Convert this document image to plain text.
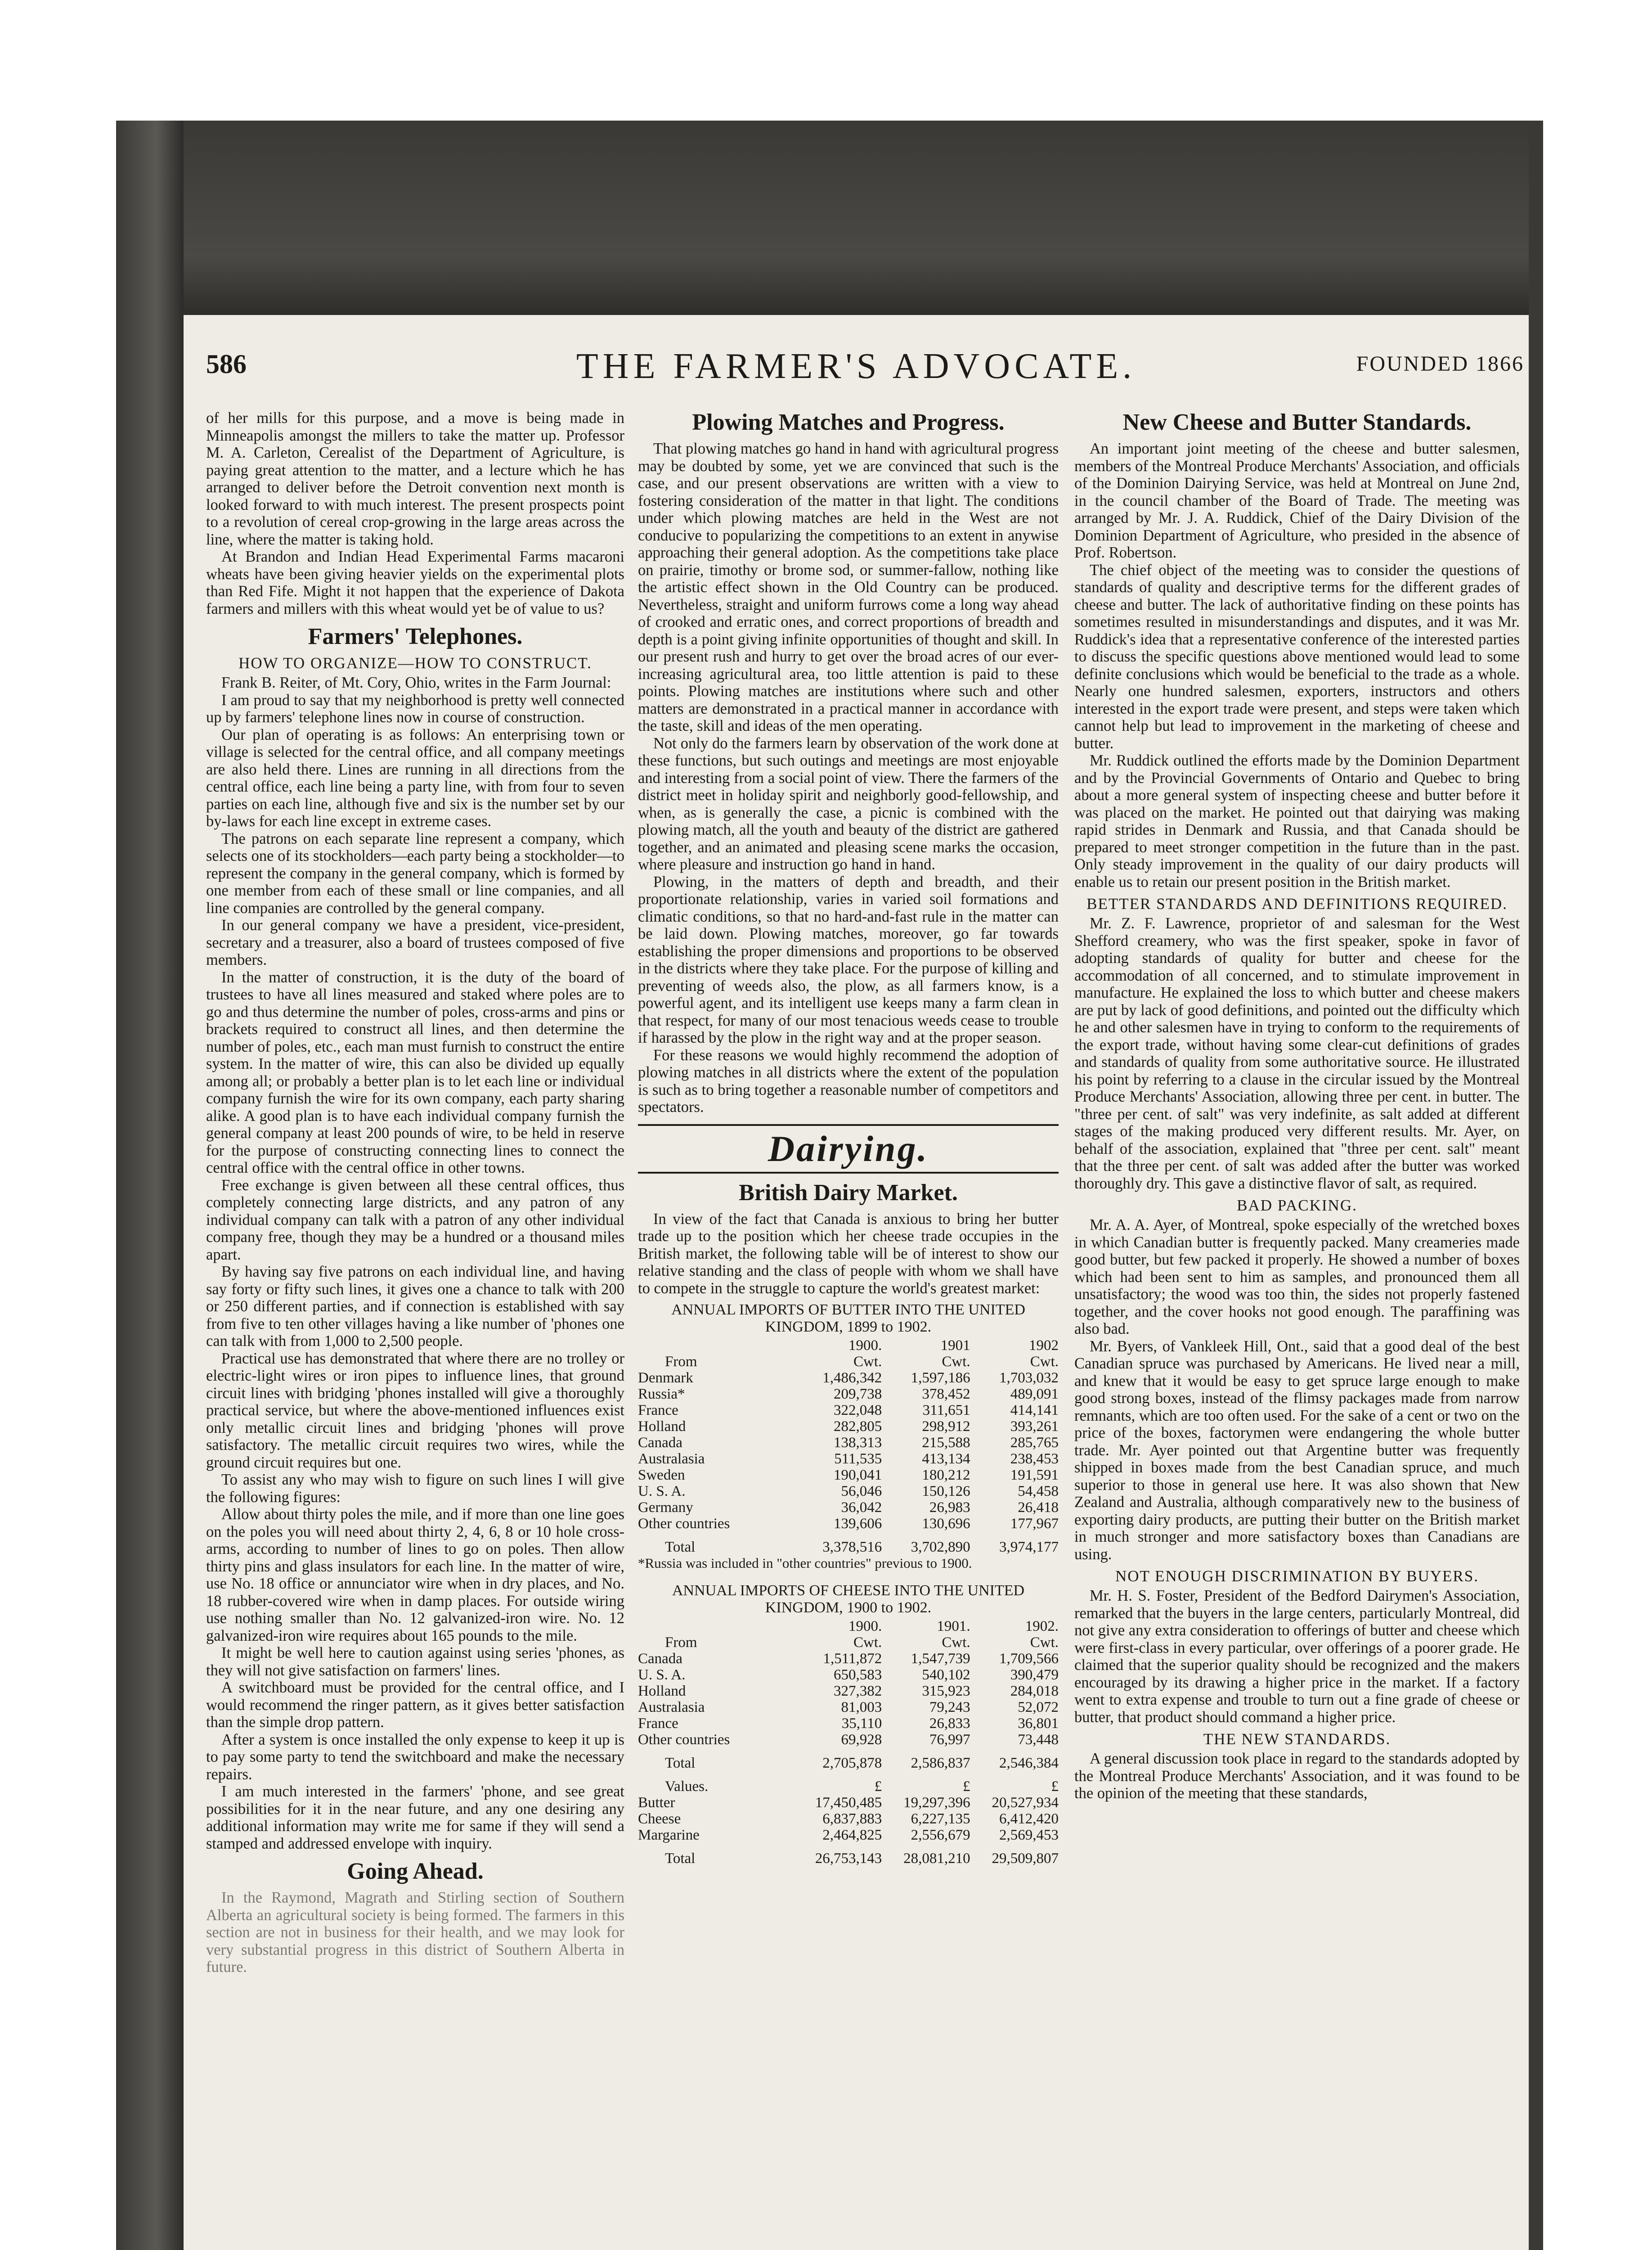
586	THE FARMER'S ADVOCATE.	FOUNDED 1866

of her mills for this purpose, and a move is being made in Minneapolis amongst the millers to take the matter up. Professor M. A. Carleton, Cerealist of the Department of Agriculture, is paying great attention to the matter, and a lecture which he has arranged to deliver before the Detroit convention next month is looked forward to with much interest. The present prospects point to a revolution of cereal crop-growing in the large areas across the line, where the matter is taking hold.

At Brandon and Indian Head Experimental Farms macaroni wheats have been giving heavier yields on the experimental plots than Red Fife. Might it not happen that the experience of Dakota farmers and millers with this wheat would yet be of value to us?

Farmers' Telephones.
HOW TO ORGANIZE—HOW TO CONSTRUCT.

Frank B. Reiter, of Mt. Cory, Ohio, writes in the Farm Journal:

I am proud to say that my neighborhood is pretty well connected up by farmers' telephone lines now in course of construction.

Our plan of operating is as follows: An enterprising town or village is selected for the central office, and all company meetings are also held there. Lines are running in all directions from the central office, each line being a party line, with from four to seven parties on each line, although five and six is the number set by our by-laws for each line except in extreme cases.

The patrons on each separate line represent a company, which selects one of its stockholders—each party being a stockholder—to represent the company in the general company, which is formed by one member from each of these small or line companies, and all line companies are controlled by the general company.

In our general company we have a president, vice-president, secretary and a treasurer, also a board of trustees composed of five members.

In the matter of construction, it is the duty of the board of trustees to have all lines measured and staked where poles are to go and thus determine the number of poles, cross-arms and pins or brackets required to construct all lines, and then determine the number of poles, etc., each man must furnish to construct the entire system. In the matter of wire, this can also be divided up equally among all; or probably a better plan is to let each line or individual company furnish the wire for its own company, each party sharing alike. A good plan is to have each individual company furnish the general company at least 200 pounds of wire, to be held in reserve for the purpose of constructing connecting lines to connect the central office with the central office in other towns.

Free exchange is given between all these central offices, thus completely connecting large districts, and any patron of any individual company can talk with a patron of any other individual company free, though they may be a hundred or a thousand miles apart.

By having say five patrons on each individual line, and having say forty or fifty such lines, it gives one a chance to talk with 200 or 250 different parties, and if connection is established with say from five to ten other villages having a like number of 'phones one can talk with from 1,000 to 2,500 people.

Practical use has demonstrated that where there are no trolley or electric-light wires or iron pipes to influence lines, that ground circuit lines with bridging 'phones installed will give a thoroughly practical service, but where the above-mentioned influences exist only metallic circuit lines and bridging 'phones will prove satisfactory. The metallic circuit requires two wires, while the ground circuit requires but one.

To assist any who may wish to figure on such lines I will give the following figures:

Allow about thirty poles the mile, and if more than one line goes on the poles you will need about thirty 2, 4, 6, 8 or 10 hole cross-arms, according to number of lines to go on poles. Then allow thirty pins and glass insulators for each line. In the matter of wire, use No. 18 office or annunciator wire when in dry places, and No. 18 rubber-covered wire when in damp places. For outside wiring use nothing smaller than No. 12 galvanized-iron wire. No. 12 galvanized-iron wire requires about 165 pounds to the mile.

It might be well here to caution against using series 'phones, as they will not give satisfaction on farmers' lines.

A switchboard must be provided for the central office, and I would recommend the ringer pattern, as it gives better satisfaction than the simple drop pattern.

After a system is once installed the only expense to keep it up is to pay some party to tend the switchboard and make the necessary repairs.

I am much interested in the farmers' 'phone, and see great possibilities for it in the near future, and any one desiring any additional information may write me for same if they will send a stamped and addressed envelope with inquiry.

Going Ahead.

In the Raymond, Magrath and Stirling section of Southern Alberta an agricultural society is being formed. The farmers in this section are not in business for their health, and we may look for very substantial progress in this district of Southern Alberta in future.

Plowing Matches and Progress.

That plowing matches go hand in hand with agricultural progress may be doubted by some, yet we are convinced that such is the case, and our present observations are written with a view to fostering consideration of the matter in that light. The conditions under which plowing matches are held in the West are not conducive to popularizing the competitions to an extent in anywise approaching their general adoption. As the competitions take place on prairie, timothy or brome sod, or summer-fallow, nothing like the artistic effect shown in the Old Country can be produced. Nevertheless, straight and uniform furrows come a long way ahead of crooked and erratic ones, and correct proportions of breadth and depth is a point giving infinite opportunities of thought and skill. In our present rush and hurry to get over the broad acres of our ever-increasing agricultural area, too little attention is paid to these points. Plowing matches are institutions where such and other matters are demonstrated in a practical manner in accordance with the taste, skill and ideas of the men operating.

Not only do the farmers learn by observation of the work done at these functions, but such outings and meetings are most enjoyable and interesting from a social point of view. There the farmers of the district meet in holiday spirit and neighborly good-fellowship, and when, as is generally the case, a picnic is combined with the plowing match, all the youth and beauty of the district are gathered together, and an animated and pleasing scene marks the occasion, where pleasure and instruction go hand in hand.

Plowing, in the matters of depth and breadth, and their proportionate relationship, varies in varied soil formations and climatic conditions, so that no hard-and-fast rule in the matter can be laid down. Plowing matches, moreover, go far towards establishing the proper dimensions and proportions to be observed in the districts where they take place. For the purpose of killing and preventing of weeds also, the plow, as all farmers know, is a powerful agent, and its intelligent use keeps many a farm clean in that respect, for many of our most tenacious weeds cease to trouble if harassed by the plow in the right way and at the proper season.

For these reasons we would highly recommend the adoption of plowing matches in all districts where the extent of the population is such as to bring together a reasonable number of competitors and spectators.

Dairying.
British Dairy Market.

In view of the fact that Canada is anxious to bring her butter trade up to the position which her cheese trade occupies in the British market, the following table will be of interest to show our relative standing and the class of people with whom we shall have to compete in the struggle to capture the world's greatest market:

ANNUAL IMPORTS OF BUTTER INTO THE UNITED KINGDOM, 1899 to 1902.
	1900.	1901	1902
From	Cwt.	Cwt.	Cwt.
Denmark	1,486,342	1,597,186	1,703,032
Russia*	209,738	378,452	489,091
France	322,048	311,651	414,141
Holland	282,805	298,912	393,261
Canada	138,313	215,588	285,765
Australasia	511,535	413,134	238,453
Sweden	190,041	180,212	191,591
U. S. A.	56,046	150,126	54,458
Germany	36,042	26,983	26,418
Other countries	139,606	130,696	177,967
Total	3,378,516	3,702,890	3,974,177
*Russia was included in "other countries" previous to 1900.
ANNUAL IMPORTS OF CHEESE INTO THE UNITED KINGDOM, 1900 to 1902.
	1900.	1901.	1902.
From	Cwt.	Cwt.	Cwt.
Canada	1,511,872	1,547,739	1,709,566
U. S. A.	650,583	540,102	390,479
Holland	327,382	315,923	284,018
Australasia	81,003	79,243	52,072
France	35,110	26,833	36,801
Other countries	69,928	76,997	73,448
Total	2,705,878	2,586,837	2,546,384
Values.	£	£	£
Butter	17,450,485	19,297,396	20,527,934
Cheese	6,837,883	6,227,135	6,412,420
Margarine	2,464,825	2,556,679	2,569,453
Total	26,753,143	28,081,210	29,509,807
New Cheese and Butter Standards.

An important joint meeting of the cheese and butter salesmen, members of the Montreal Produce Merchants' Association, and officials of the Dominion Dairying Service, was held at Montreal on June 2nd, in the council chamber of the Board of Trade. The meeting was arranged by Mr. J. A. Ruddick, Chief of the Dairy Division of the Dominion Department of Agriculture, who presided in the absence of Prof. Robertson.

The chief object of the meeting was to consider the questions of standards of quality and descriptive terms for the different grades of cheese and butter. The lack of authoritative finding on these points has sometimes resulted in misunderstandings and disputes, and it was Mr. Ruddick's idea that a representative conference of the interested parties to discuss the specific questions above mentioned would lead to some definite conclusions which would be beneficial to the trade as a whole. Nearly one hundred salesmen, exporters, instructors and others interested in the export trade were present, and steps were taken which cannot help but lead to improvement in the marketing of cheese and butter.

Mr. Ruddick outlined the efforts made by the Dominion Department and by the Provincial Governments of Ontario and Quebec to bring about a more general system of inspecting cheese and butter before it was placed on the market. He pointed out that dairying was making rapid strides in Denmark and Russia, and that Canada should be prepared to meet stronger competition in the future than in the past. Only steady improvement in the quality of our dairy products will enable us to retain our present position in the British market.

BETTER STANDARDS AND DEFINITIONS REQUIRED.

Mr. Z. F. Lawrence, proprietor of and salesman for the West Shefford creamery, who was the first speaker, spoke in favor of adopting standards of quality for butter and cheese for the accommodation of all concerned, and to stimulate improvement in manufacture. He explained the loss to which butter and cheese makers are put by lack of good definitions, and pointed out the difficulty which he and other salesmen have in trying to conform to the requirements of the export trade, without having some clear-cut definitions of grades and standards of quality from some authoritative source. He illustrated his point by referring to a clause in the circular issued by the Montreal Produce Merchants' Association, allowing three per cent. in butter. The "three per cent. of salt" was very indefinite, as salt added at different stages of the making produced very different results. Mr. Ayer, on behalf of the association, explained that "three per cent. salt" meant that the three per cent. of salt was added after the butter was worked thoroughly dry. This gave a distinctive flavor of salt, as required.

BAD PACKING.

Mr. A. A. Ayer, of Montreal, spoke especially of the wretched boxes in which Canadian butter is frequently packed. Many creameries made good butter, but few packed it properly. He showed a number of boxes which had been sent to him as samples, and pronounced them all unsatisfactory; the wood was too thin, the sides not properly fastened together, and the cover hooks not good enough. The paraffining was also bad.

Mr. Byers, of Vankleek Hill, Ont., said that a good deal of the best Canadian spruce was purchased by Americans. He lived near a mill, and knew that it would be easy to get spruce large enough to make good strong boxes, instead of the flimsy packages made from narrow remnants, which are too often used. For the sake of a cent or two on the price of the boxes, factorymen were endangering the whole butter trade. Mr. Ayer pointed out that Argentine butter was frequently shipped in boxes made from the best Canadian spruce, and much superior to those in general use here. It was also shown that New Zealand and Australia, although comparatively new to the business of exporting dairy products, are putting their butter on the British market in much stronger and more satisfactory boxes than Canadians are using.

NOT ENOUGH DISCRIMINATION BY BUYERS.

Mr. H. S. Foster, President of the Bedford Dairymen's Association, remarked that the buyers in the large centers, particularly Montreal, did not give any extra consideration to offerings of butter and cheese which were first-class in every particular, over offerings of a poorer grade. He claimed that the superior quality should be recognized and the makers encouraged by its drawing a higher price in the market. If a factory went to extra expense and trouble to turn out a fine grade of cheese or butter, that product should command a higher price.

THE NEW STANDARDS.

A general discussion took place in regard to the standards adopted by the Montreal Produce Merchants' Association, and it was found to be the opinion of the meeting that these standards,
